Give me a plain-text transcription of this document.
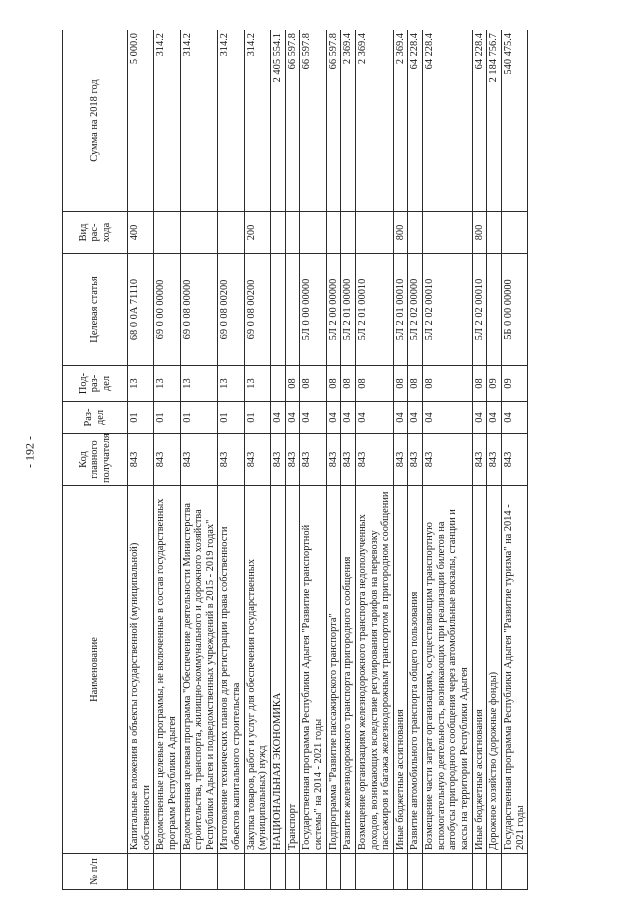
- 192 -
№ п/п	Наименование	Код главного получателя	Раз-дел	Под-раз-дел	Целевая статья	Вид рас-хода	Сумма на 2018 год
	Капитальные вложения в объекты государственной (муниципальной) собственности	843	01	13	68 0 0А 71110	400	5 000.0
	Ведомственные целевые программы, не включенные в состав государственных программ Республики Адыгея	843	01	13	69 0 00 00000		314.2
	Ведомственная целевая программа "Обеспечение деятельности Министерства строительства, транспорта, жилищно-коммунального и дорожного хозяйства Республики Адыгея и подведомственных учреждений в 2015 - 2019 годах"	843	01	13	69 0 08 00000		314.2
	Изготовление технических планов для регистрации права собственности объектов капитального строительства	843	01	13	69 0 08 00200		314.2
	Закупка товаров, работ и услуг для обеспечения государственных (муниципальных) нужд	843	01	13	69 0 08 00200	200	314.2
	НАЦИОНАЛЬНАЯ ЭКОНОМИКА	843	04				2 405 554.1
	Транспорт	843	04	08			66 597.8
	Государственная программа Республики Адыгея "Развитие транспортной системы" на 2014 - 2021 годы	843	04	08	5Л 0 00 00000		66 597.8
	Подпрограмма "Развитие пассажирского транспорта"	843	04	08	5Л 2 00 00000		66 597.8
	Развитие железнодорожного транспорта пригородного сообщения	843	04	08	5Л 2 01 00000		2 369.4
	Возмещение организациям железнодорожного транспорта недополученных доходов, возникающих вследствие регулирования тарифов на перевозку пассажиров и багажа железнодорожным транспортом в пригородном сообщении	843	04	08	5Л 2 01 00010		2 369.4
	Иные бюджетные ассигнования	843	04	08	5Л 2 01 00010	800	2 369.4
	Развитие автомобильного транспорта общего пользования	843	04	08	5Л 2 02 00000		64 228.4
	Возмещение части затрат организациям, осуществляющим транспортную вспомогательную деятельность, возникающих при реализации билетов на автобусы пригородного сообщения через автомобильные вокзалы, станции и кассы на территории Республики Адыгея	843	04	08	5Л 2 02 00010		64 228.4
	Иные бюджетные ассигнования	843	04	08	5Л 2 02 00010	800	64 228.4
	Дорожное хозяйство (дорожные фонды)	843	04	09			2 184 756.7
	Государственная программа Республики Адыгея "Развитие туризма" на 2014 - 2021 годы	843	04	09	5Б 0 00 00000		540 475.4
